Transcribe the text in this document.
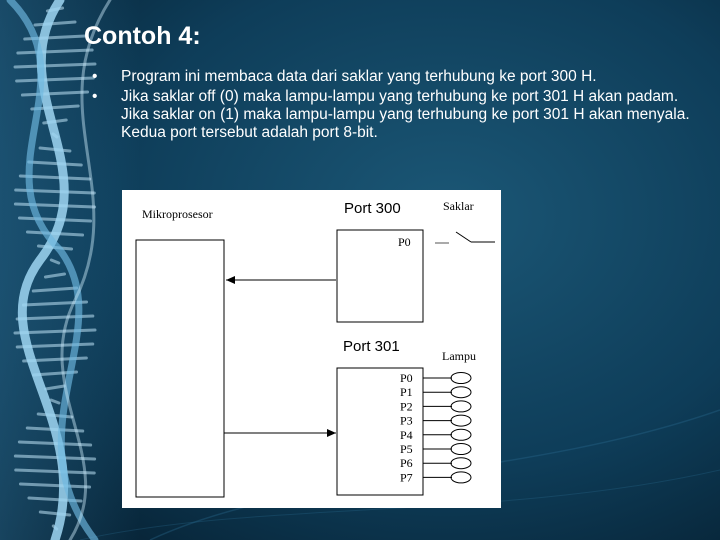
Contoh 4:
• Program ini membaca data dari saklar yang terhubung ke port 300 H.
• Jika saklar off (0) maka lampu-lampu yang terhubung ke port 301 H akan padam. Jika saklar on (1) maka lampu-lampu yang terhubung ke port 301 H akan menyala. Kedua port tersebut adalah port 8-bit.
Mikroprosesor	Port 300
P0
Saklar
Port 301
Lampu
P0
P1
P2
P3
P4
P5
P6
P7
